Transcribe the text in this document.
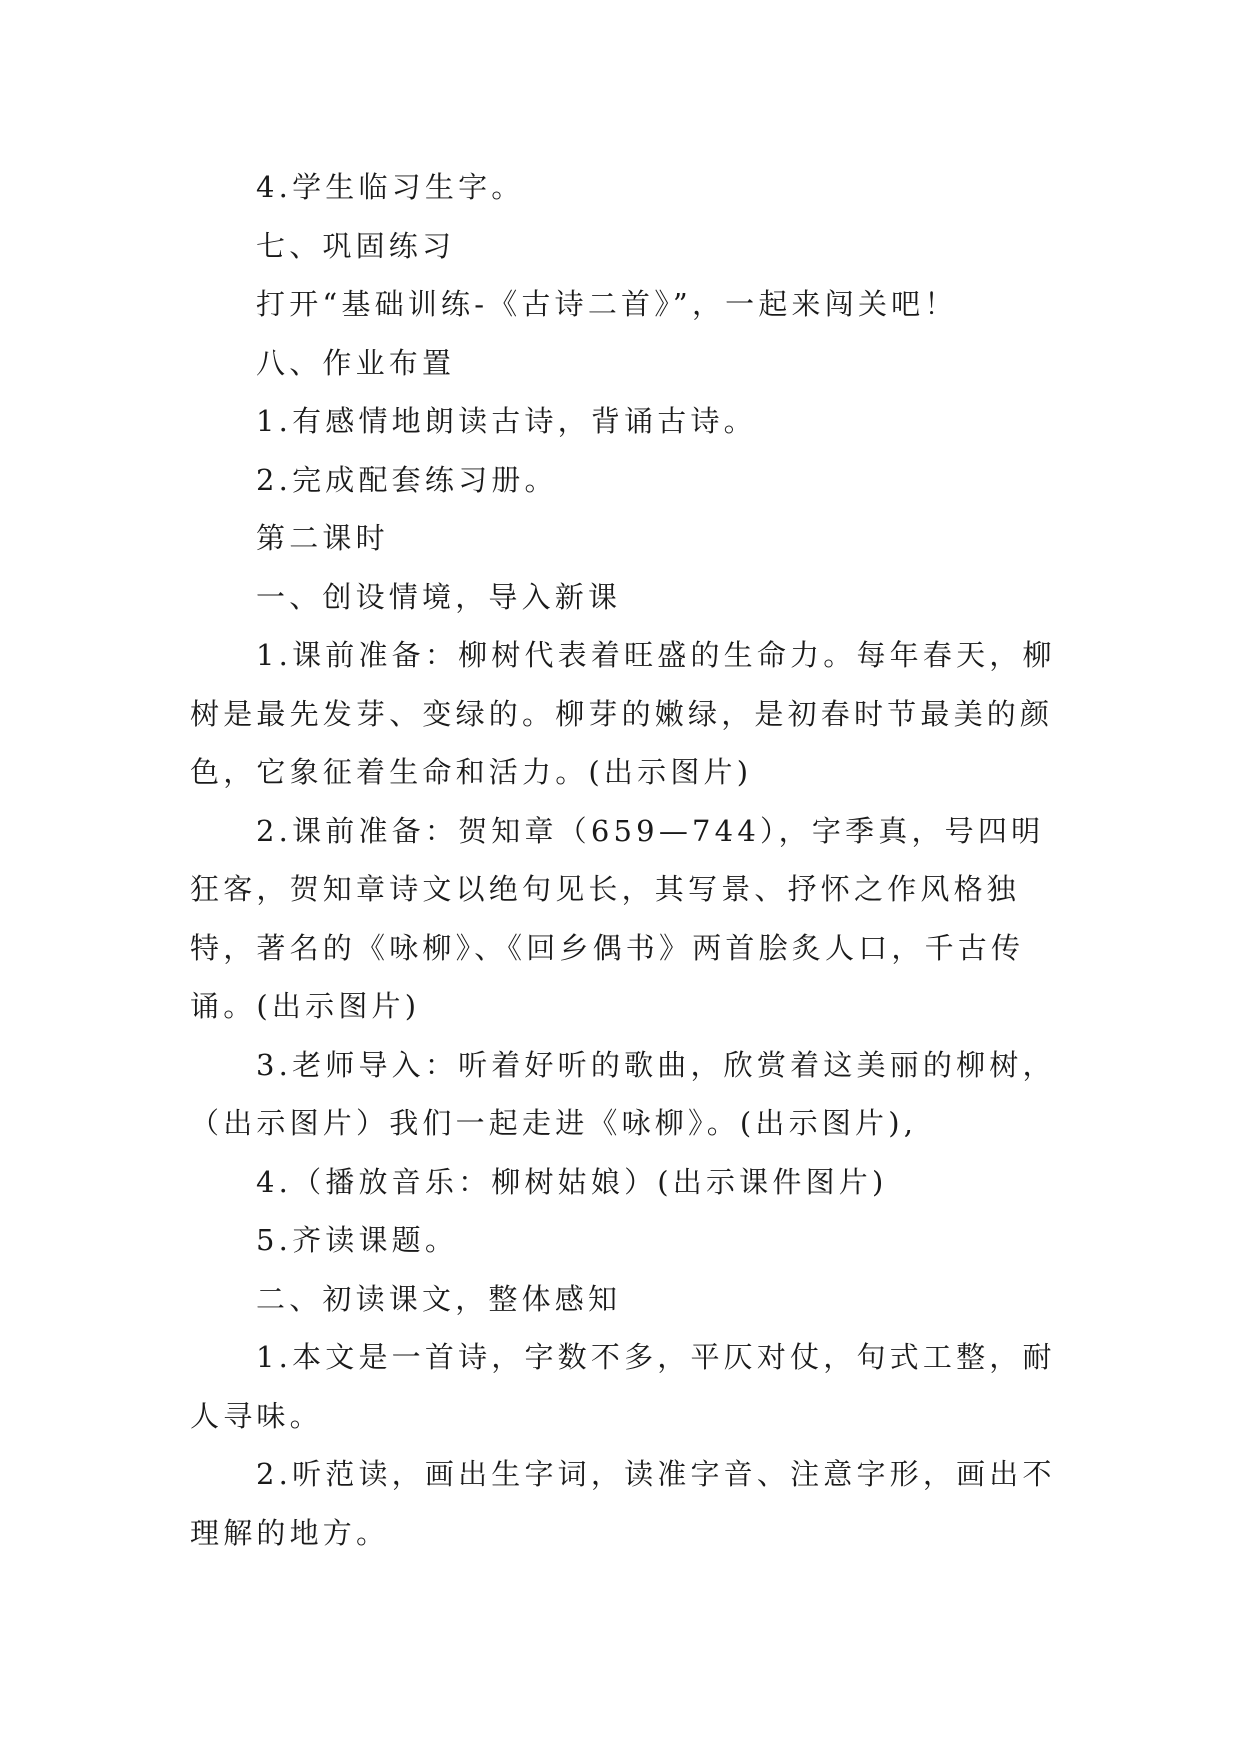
4.学生临习生字。

七、巩固练习

打开“基础训练-《古诗二首》”，一起来闯关吧！

八、作业布置

1.有感情地朗读古诗，背诵古诗。

2.完成配套练习册。

第二课时

一、创设情境，导入新课

1.课前准备：柳树代表着旺盛的生命力。每年春天，柳树是最先发芽、变绿的。柳芽的嫩绿，是初春时节最美的颜色，它象征着生命和活力。(出示图片)

2.课前准备：贺知章（659—744），字季真，号四明狂客，贺知章诗文以绝句见长，其写景、抒怀之作风格独特，著名的《咏柳》、《回乡偶书》两首脍炙人口，千古传诵。(出示图片)

3.老师导入：听着好听的歌曲，欣赏着这美丽的柳树，（出示图片）我们一起走进《咏柳》。(出示图片),

4.（播放音乐：柳树姑娘）(出示课件图片)

5.齐读课题。

二、初读课文，整体感知

1.本文是一首诗，字数不多，平仄对仗，句式工整，耐人寻味。

2.听范读，画出生字词，读准字音、注意字形，画出不理解的地方。
